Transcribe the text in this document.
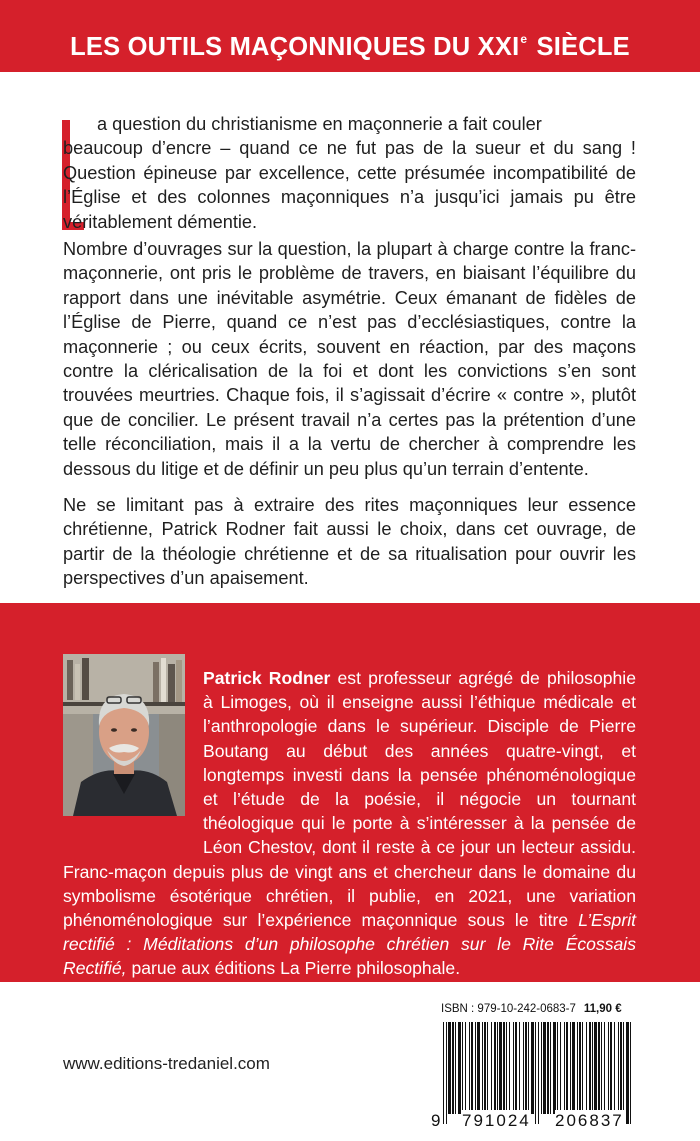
LES OUTILS MAÇONNIQUES DU XXIe SIÈCLE

a question du christianisme en maçonnerie a fait couler
beaucoup d’encre – quand ce ne fut pas de la sueur et du sang ! Question épineuse par excellence, cette présumée incompatibilité de l’Église et des colonnes maçonniques n’a jusqu’ici jamais pu être véritablement démentie.

Nombre d’ouvrages sur la question, la plupart à charge contre la franc-maçonnerie, ont pris le problème de travers, en biaisant l’équilibre du rapport dans une inévitable asymétrie. Ceux émanant de fidèles de l’Église de Pierre, quand ce n’est pas d’ecclésiastiques, contre la maçonnerie ; ou ceux écrits, souvent en réaction, par des maçons contre la cléricalisation de la foi et dont les convictions s’en sont trouvées meurtries. Chaque fois, il s’agissait d’écrire « contre », plutôt que de concilier. Le présent travail n’a certes pas la prétention d’une telle réconciliation, mais il a la vertu de chercher à comprendre les dessous du litige et de définir un peu plus qu’un terrain d’entente.

Ne se limitant pas à extraire des rites maçonniques leur essence chrétienne, Patrick Rodner fait aussi le choix, dans cet ouvrage, de partir de la théologie chrétienne et de sa ritualisation pour ouvrir les perspectives d’un apaisement.

Patrick Rodner est professeur agrégé de philosophie à Limoges, où il enseigne aussi l’éthique médicale et l’anthropologie dans le supérieur. Disciple de Pierre Boutang au début des années quatre-vingt, et longtemps investi dans la pensée phénoménologique et l’étude de la poésie, il négocie un tournant théologique qui le porte à s’intéresser à la pensée de Léon Chestov, dont il reste à ce jour un lecteur assidu. Franc-maçon depuis plus de vingt ans et chercheur dans le domaine du symbolisme ésotérique chrétien, il publie, en 2021, une variation phénoménologique sur l’expérience maçonnique sous le titre L’Esprit rectifié : Méditations d’un philosophe chrétien sur le Rite Écossais Rectifié, parue aux éditions La Pierre philosophale.

www.editions-tredaniel.com
ISBN : 979-10-242-0683-7 11,90 €
9 791024 206837
